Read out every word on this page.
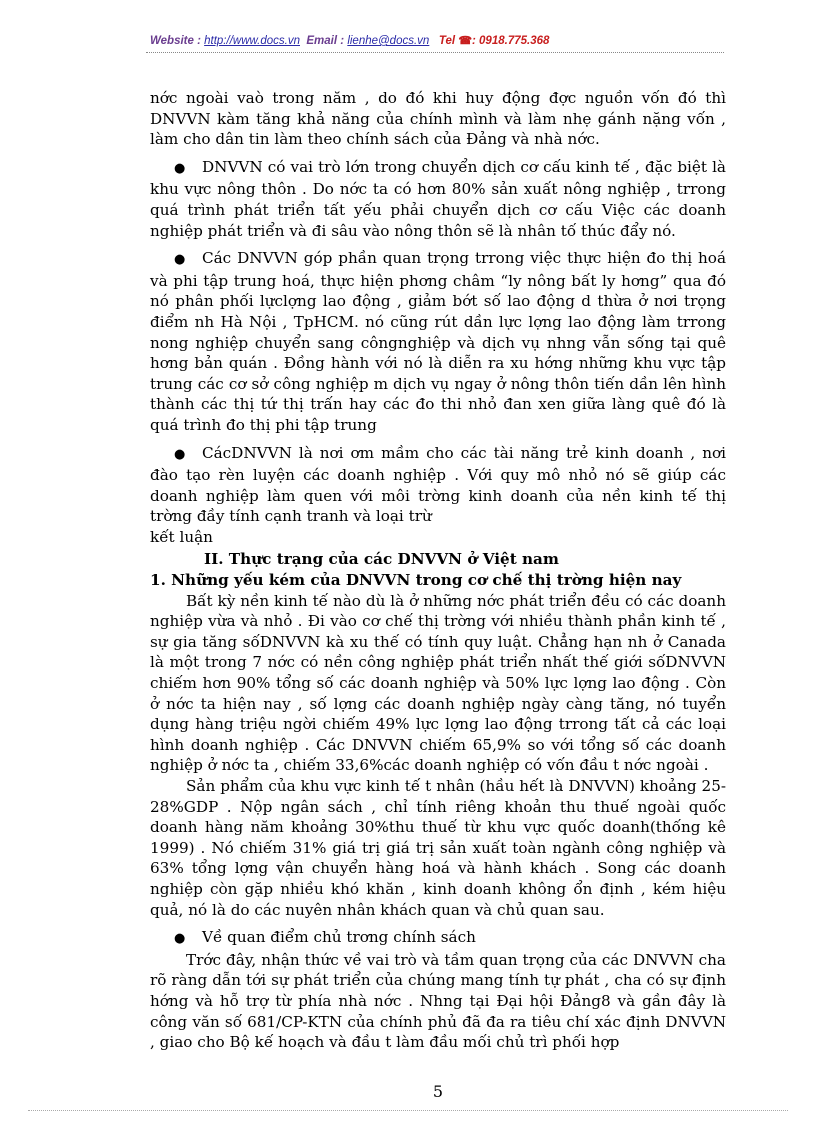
Website : http://www.docs.vn Email : lienhe@docs.vn Tel ☎: 0918.775.368

nớc ngoài vaò trong năm , do đó khi huy động đợc nguồn vốn đó thì DNVVN kàm tăng khả năng của chính mình và làm nhẹ gánh nặng vốn , làm cho dân tin làm theo chính sách của Đảng và nhà nớc.

● DNVVN có vai trò lớn trong chuyển dịch cơ cấu kinh tế , đặc biệt là khu vực nông thôn . Do nớc ta có hơn 80% sản xuất nông nghiệp , trrong quá trình phát triển tất yếu phải chuyển dịch cơ cấu Việc các doanh nghiệp phát triển và đi sâu vào nông thôn sẽ là nhân tố thúc đẩy nó.

● Các DNVVN góp phần quan trọng trrong việc thực hiện đo thị hoá và phi tập trung hoá, thực hiện phơng châm “ly nông bất ly hơng” qua đó nó phân phối lựclợng lao động , giảm bớt số lao động d thừa ở nơi trọng điểm nh Hà Nội , TpHCM. nó cũng rút dần lực lợng lao động làm trrong nong nghiệp chuyển sang côngnghiệp và dịch vụ nhng vẫn sống tại quê hơng bản quán . Đồng hành với nó là diễn ra xu hớng những khu vực tập trung các cơ sở công nghiệp m dịch vụ ngay ở nông thôn tiến dần lên hình thành các thị tứ thị trấn hay các đo thi nhỏ đan xen giữa làng quê đó là quá trình đo thị phi tập trung

● CácDNVVN là nơi ơm mầm cho các tài năng trẻ kinh doanh , nơi đào tạo rèn luyện các doanh nghiệp . Với quy mô nhỏ nó sẽ giúp các doanh nghiệp làm quen với môi trờng kinh doanh của nền kinh tế thị trờng đầy tính cạnh tranh và loại trừ

kết luận

II. Thực trạng của các DNVVN ở Việt nam

1. Những yếu kém của DNVVN trong cơ chế thị trờng hiện nay

Bất kỳ nền kinh tế nào dù là ở những nớc phát triển đều có các doanh nghiệp vừa và nhỏ . Đi vào cơ chế thị trờng với nhiều thành phần kinh tế , sự gia tăng sốDNVVN kà xu thế có tính quy luật. Chẳng hạn nh ở Canada là một trong 7 nớc có nền công nghiệp phát triển nhất thế giới sốDNVVN chiếm hơn 90% tổng số các doanh nghiệp và 50% lực lợng lao động . Còn ở nớc ta hiện nay , số lợng các doanh nghiệp ngày càng tăng, nó tuyển dụng hàng triệu ngời chiếm 49% lực lợng lao động trrong tất cả các loại hình doanh nghiệp . Các DNVVN chiếm 65,9% so với tổng số các doanh nghiệp ở nớc ta , chiếm 33,6%các doanh nghiệp có vốn đầu t nớc ngoài .

Sản phẩm của khu vực kinh tế t nhân (hầu hết là DNVVN) khoảng 25-28%GDP . Nộp ngân sách , chỉ tính riêng khoản thu thuế ngoài quốc doanh hàng năm khoảng 30%thu thuế từ khu vực quốc doanh(thống kê 1999) . Nó chiếm 31% giá trị giá trị sản xuất toàn ngành công nghiệp và 63% tổng lợng vận chuyển hàng hoá và hành khách . Song các doanh nghiệp còn gặp nhiều khó khăn , kinh doanh không ổn định , kém hiệu quả, nó là do các nuyên nhân khách quan và chủ quan sau.

● Về quan điểm chủ trơng chính sách

Trớc đây, nhận thức về vai trò và tầm quan trọng của các DNVVN cha rõ ràng dẫn tới sự phát triển của chúng mang tính tự phát , cha có sự định hớng và hỗ trợ từ phía nhà nớc . Nhng tại Đại hội Đảng8 và gần đây là công văn số 681/CP-KTN của chính phủ đã đa ra tiêu chí xác định DNVVN , giao cho Bộ kế hoạch và đầu t làm đầu mối chủ trì phối hợp

5
